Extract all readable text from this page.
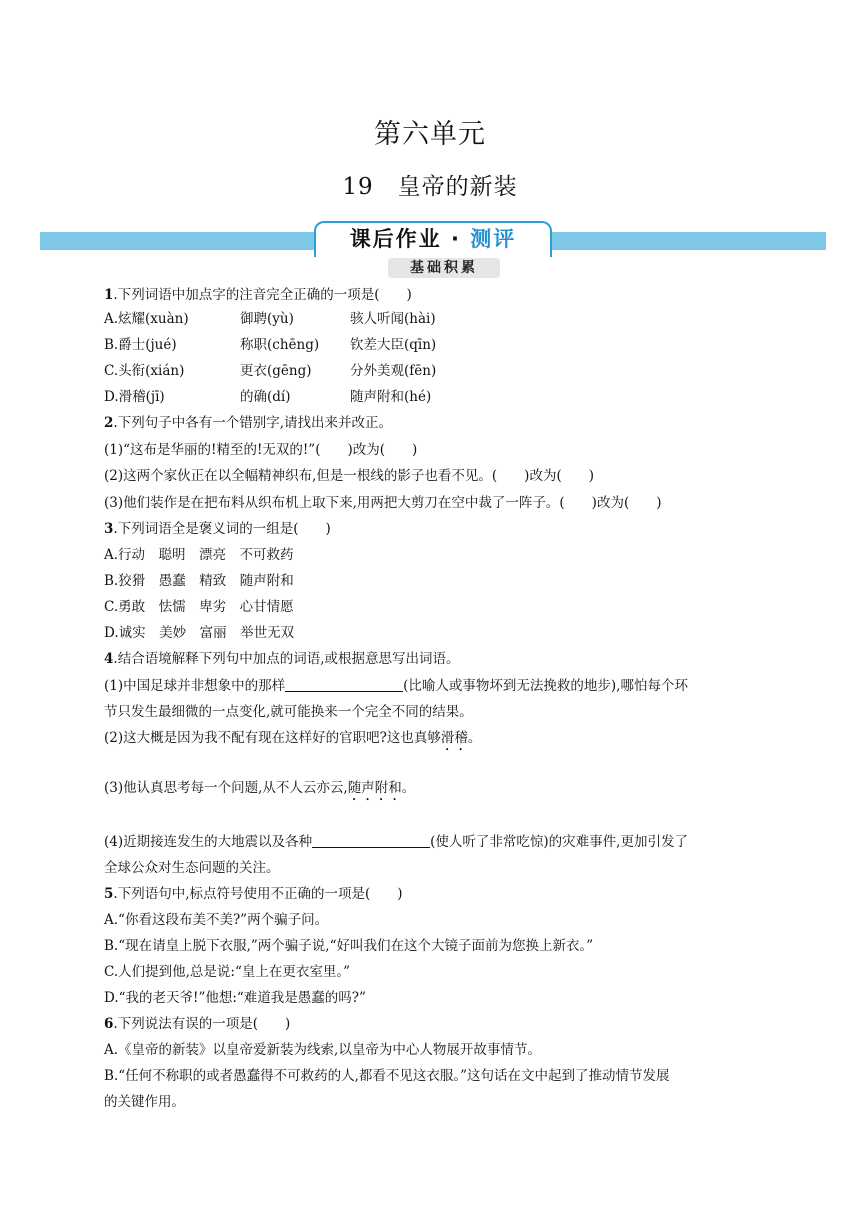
第六单元
19　皇帝的新装
课后作业 · 测评
基础积累
1.下列词语中加点字的注音完全正确的一项是(　　)
A.炫耀(xuàn)	御聘(yù)	骇人听闻(hài)
B.爵士(jué)	称职(chēng) 钦差大臣(qīn)
C.头衔(xián)	更衣(gēng)	分外美观(fēn)
D.滑稽(jī)	的确(dí)	随声附和(hé)
2.下列句子中各有一个错别字,请找出来并改正。
(1)“这布是华丽的!精至的!无双的!”(　　)改为(　　)
(2)这两个家伙正在以全幅精神织布,但是一根线的影子也看不见。(　　)改为(　　)
(3)他们装作是在把布料从织布机上取下来,用两把大剪刀在空中裁了一阵子。(　　)改为(　　)
3.下列词语全是褒义词的一组是(　　)
A.行动　聪明　漂亮　不可救药
B.狡猾　愚蠢　精致　随声附和
C.勇敢　怯懦　卑劣　心甘情愿
D.诚实　美妙　富丽　举世无双
4.结合语境解释下列句中加点的词语,或根据意思写出词语。
(1)中国足球并非想象中的那样	(比喻人或事物坏到无法挽救的地步),哪怕每个环
节只发生最细微的一点变化,就可能换来一个完全不同的结果。
(2)这大概是因为我不配有现在这样好的官职吧?这也真够滑稽。
(3)他认真思考每一个问题,从不人云亦云,随声附和。
(4)近期接连发生的大地震以及各种	(使人听了非常吃惊)的灾难事件,更加引发了
全球公众对生态问题的关注。
5.下列语句中,标点符号使用不正确的一项是(　　)
A.“你看这段布美不美?”两个骗子问。
B.“现在请皇上脱下衣服,”两个骗子说,“好叫我们在这个大镜子面前为您换上新衣。”
C.人们提到他,总是说:“皇上在更衣室里。”
D.“我的老天爷!”他想:“难道我是愚蠢的吗?”
6.下列说法有误的一项是(　　)
A.《皇帝的新装》以皇帝爱新装为线索,以皇帝为中心人物展开故事情节。
B.“任何不称职的或者愚蠢得不可救药的人,都看不见这衣服。”这句话在文中起到了推动情节发展
的关键作用。
